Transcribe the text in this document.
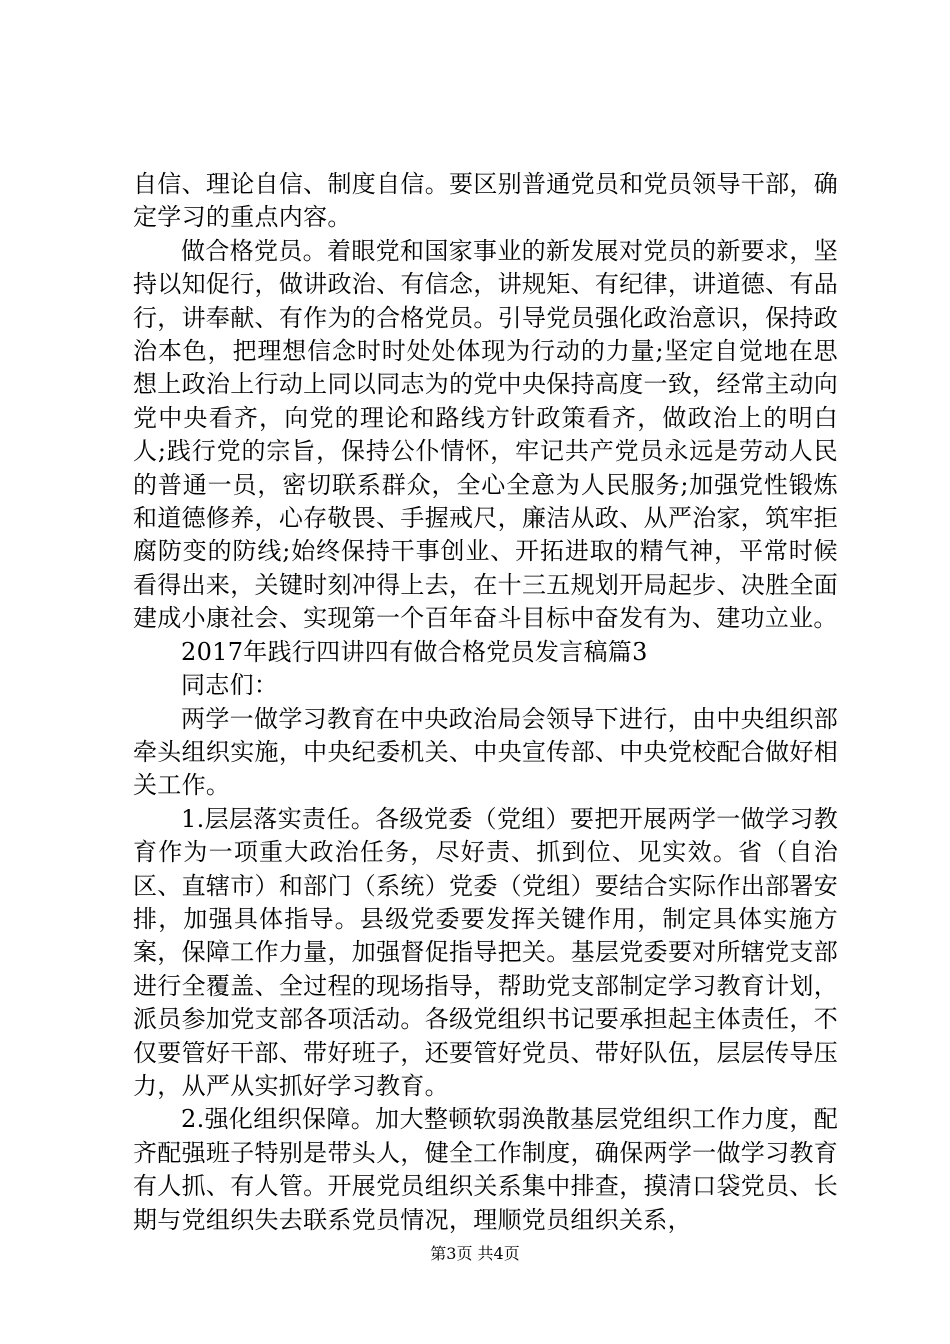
自信、理论自信、制度自信。要区别普通党员和党员领导干部，确定学习的重点内容。

做合格党员。着眼党和国家事业的新发展对党员的新要求，坚持以知促行，做讲政治、有信念，讲规矩、有纪律，讲道德、有品行，讲奉献、有作为的合格党员。引导党员强化政治意识，保持政治本色，把理想信念时时处处体现为行动的力量;坚定自觉地在思想上政治上行动上同以同志为的党中央保持高度一致，经常主动向党中央看齐，向党的理论和路线方针政策看齐，做政治上的明白人;践行党的宗旨，保持公仆情怀，牢记共产党员永远是劳动人民的普通一员，密切联系群众，全心全意为人民服务;加强党性锻炼和道德修养，心存敬畏、手握戒尺，廉洁从政、从严治家，筑牢拒腐防变的防线;始终保持干事创业、开拓进取的精气神，平常时候看得出来，关键时刻冲得上去，在十三五规划开局起步、决胜全面建成小康社会、实现第一个百年奋斗目标中奋发有为、建功立业。

2017年践行四讲四有做合格党员发言稿篇3

同志们：

两学一做学习教育在中央政治局会领导下进行，由中央组织部牵头组织实施，中央纪委机关、中央宣传部、中央党校配合做好相关工作。

1.层层落实责任。各级党委（党组）要把开展两学一做学习教育作为一项重大政治任务，尽好责、抓到位、见实效。省（自治区、直辖市）和部门（系统）党委（党组）要结合实际作出部署安排，加强具体指导。县级党委要发挥关键作用，制定具体实施方案，保障工作力量，加强督促指导把关。基层党委要对所辖党支部进行全覆盖、全过程的现场指导，帮助党支部制定学习教育计划，派员参加党支部各项活动。各级党组织书记要承担起主体责任，不仅要管好干部、带好班子，还要管好党员、带好队伍，层层传导压力，从严从实抓好学习教育。

2.强化组织保障。加大整顿软弱涣散基层党组织工作力度，配齐配强班子特别是带头人，健全工作制度，确保两学一做学习教育有人抓、有人管。开展党员组织关系集中排查，摸清口袋党员、长期与党组织失去联系党员情况，理顺党员组织关系，

第3页 共4页
